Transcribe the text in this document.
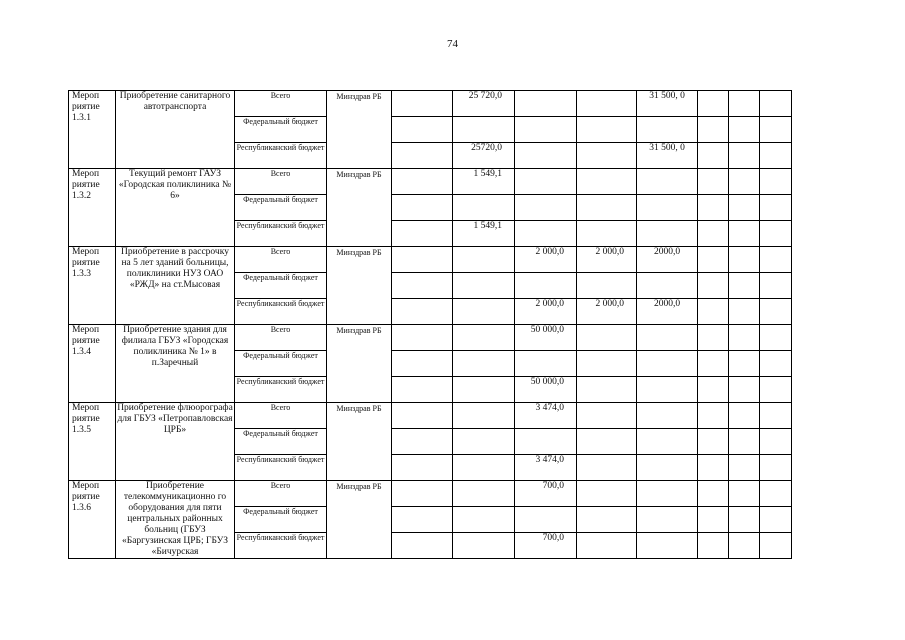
74
Мероп риятие 1.3.1	Приобретение санитарного автотранспорта	Всего	Минздрав РБ		25 720,0			31 500, 0			
		Федеральный бюджет									
		Республиканский бюджет			25720,0			31 500, 0			
Мероп риятие 1.3.2	Текущий ремонт ГАУЗ «Городская поликлиника № 6»	Всего	Минздрав РБ		1 549,1						
		Федеральный бюджет									
		Республиканский бюджет			1 549,1						
Мероп риятие 1.3.3	Приобретение в рассрочку на 5 лет зданий больницы, поликлиники НУЗ ОАО «РЖД» на ст.Мысовая	Всего	Минздрав РБ			2 000,0	2 000,0	2000,0			
		Федеральный бюджет									
		Республиканский бюджет				2 000,0	2 000,0	2000,0			
Мероп риятие 1.3.4	Приобретение здания для филиала ГБУЗ «Городская поликлиника № 1» в п.Заречный	Всего	Минздрав РБ			50 000,0					
		Федеральный бюджет									
		Республиканский бюджет				50 000,0					
Мероп риятие 1.3.5	Приобретение флюорографа для ГБУЗ «Петропавловская ЦРБ»	Всего	Минздрав РБ			3 474,0					
		Федеральный бюджет									
		Республиканский бюджет				3 474,0					
Мероп риятие 1.3.6	Приобретение телекоммуникационно го оборудования для пяти центральных районных больниц (ГБУЗ «Баргузинская ЦРБ; ГБУЗ «Бичурская	Всего	Минздрав РБ			700,0					
		Федеральный бюджет									
		Республиканский бюджет				700,0					
